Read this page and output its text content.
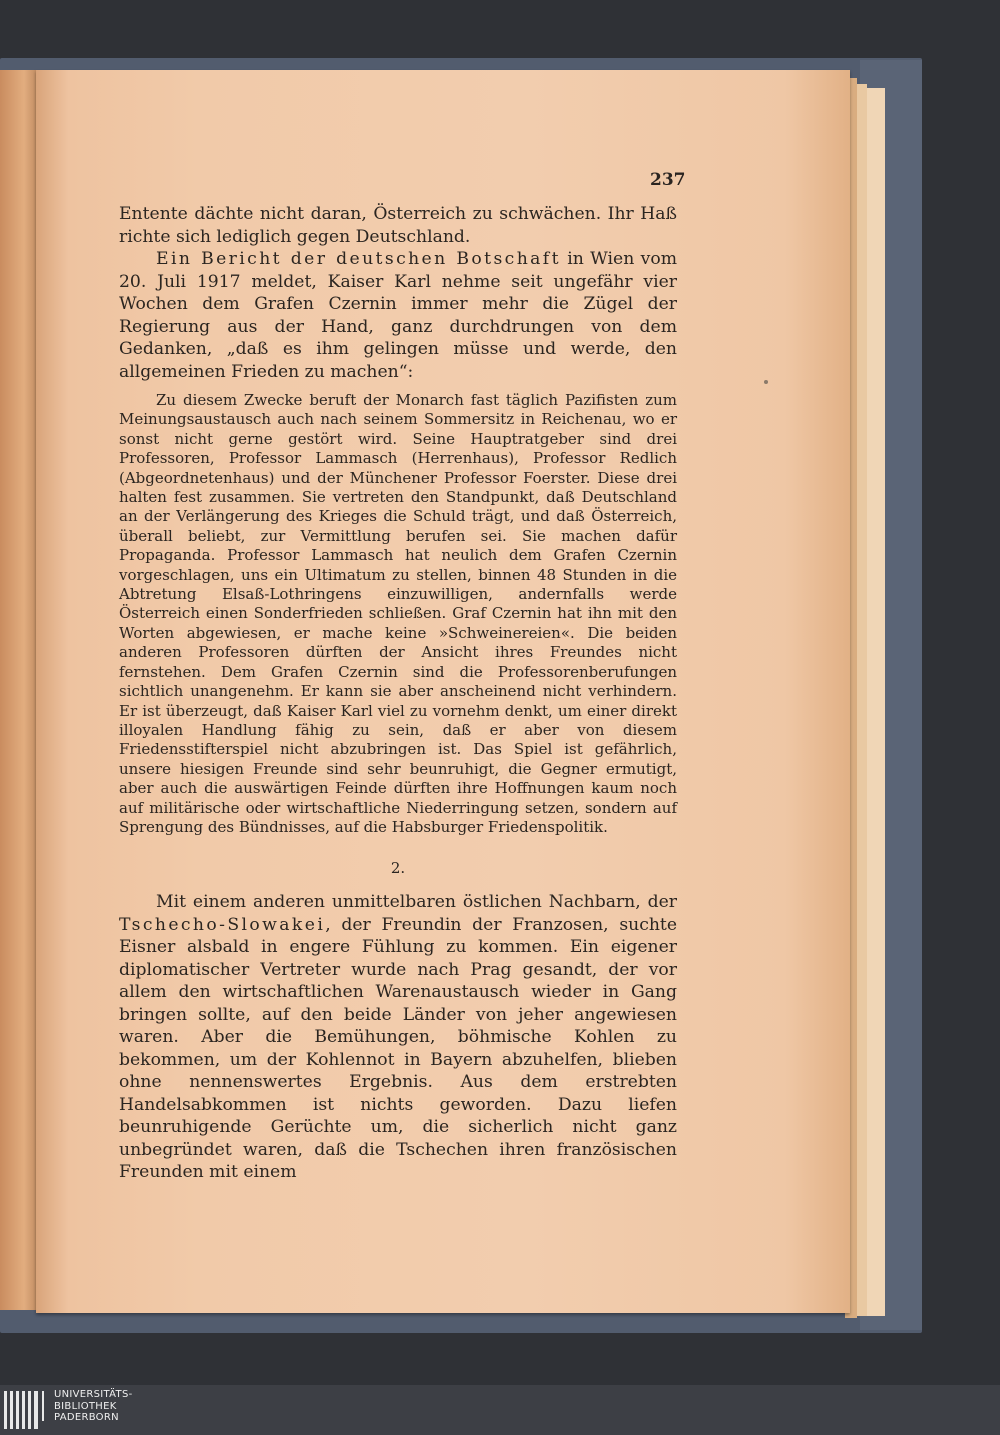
237

Entente dächte nicht daran, Österreich zu schwächen. Ihr Haß richte sich lediglich gegen Deutschland.

Ein Bericht der deutschen Botschaft in Wien vom 20. Juli 1917 meldet, Kaiser Karl nehme seit ungefähr vier Wochen dem Grafen Czernin immer mehr die Zügel der Regierung aus der Hand, ganz durchdrungen von dem Gedanken, „daß es ihm gelingen müsse und werde, den allgemeinen Frieden zu machen“:

Zu diesem Zwecke beruft der Monarch fast täglich Pazifisten zum Meinungsaustausch auch nach seinem Sommersitz in Reichenau, wo er sonst nicht gerne gestört wird. Seine Hauptratgeber sind drei Professoren, Professor Lammasch (Herrenhaus), Professor Redlich (Abgeordnetenhaus) und der Münchener Professor Foerster. Diese drei halten fest zusammen. Sie vertreten den Standpunkt, daß Deutschland an der Verlängerung des Krieges die Schuld trägt, und daß Österreich, überall beliebt, zur Vermittlung berufen sei. Sie machen dafür Propaganda. Professor Lammasch hat neulich dem Grafen Czernin vorgeschlagen, uns ein Ultimatum zu stellen, binnen 48 Stunden in die Abtretung Elsaß-Lothringens einzuwilligen, andernfalls werde Österreich einen Sonderfrieden schließen. Graf Czernin hat ihn mit den Worten abgewiesen, er mache keine »Schweinereien«. Die beiden anderen Professoren dürften der Ansicht ihres Freundes nicht fernstehen. Dem Grafen Czernin sind die Professorenberufungen sichtlich unangenehm. Er kann sie aber anscheinend nicht verhindern. Er ist überzeugt, daß Kaiser Karl viel zu vornehm denkt, um einer direkt illoyalen Handlung fähig zu sein, daß er aber von diesem Friedensstifterspiel nicht abzubringen ist. Das Spiel ist gefährlich, unsere hiesigen Freunde sind sehr beunruhigt, die Gegner ermutigt, aber auch die auswärtigen Feinde dürften ihre Hoffnungen kaum noch auf militärische oder wirtschaftliche Niederringung setzen, sondern auf Sprengung des Bündnisses, auf die Habsburger Friedenspolitik.

2.

Mit einem anderen unmittelbaren östlichen Nachbarn, der Tschecho-Slowakei, der Freundin der Franzosen, suchte Eisner alsbald in engere Fühlung zu kommen. Ein eigener diplomatischer Vertreter wurde nach Prag gesandt, der vor allem den wirtschaftlichen Warenaustausch wieder in Gang bringen sollte, auf den beide Länder von jeher angewiesen waren. Aber die Bemühungen, böhmische Kohlen zu bekommen, um der Kohlennot in Bayern abzuhelfen, blieben ohne nennenswertes Ergebnis. Aus dem erstrebten Handelsabkommen ist nichts geworden. Dazu liefen beunruhigende Gerüchte um, die sicherlich nicht ganz unbegründet waren, daß die Tschechen ihren französischen Freunden mit einem

UNIVERSITÄTS-
BIBLIOTHEK
PADERBORN
